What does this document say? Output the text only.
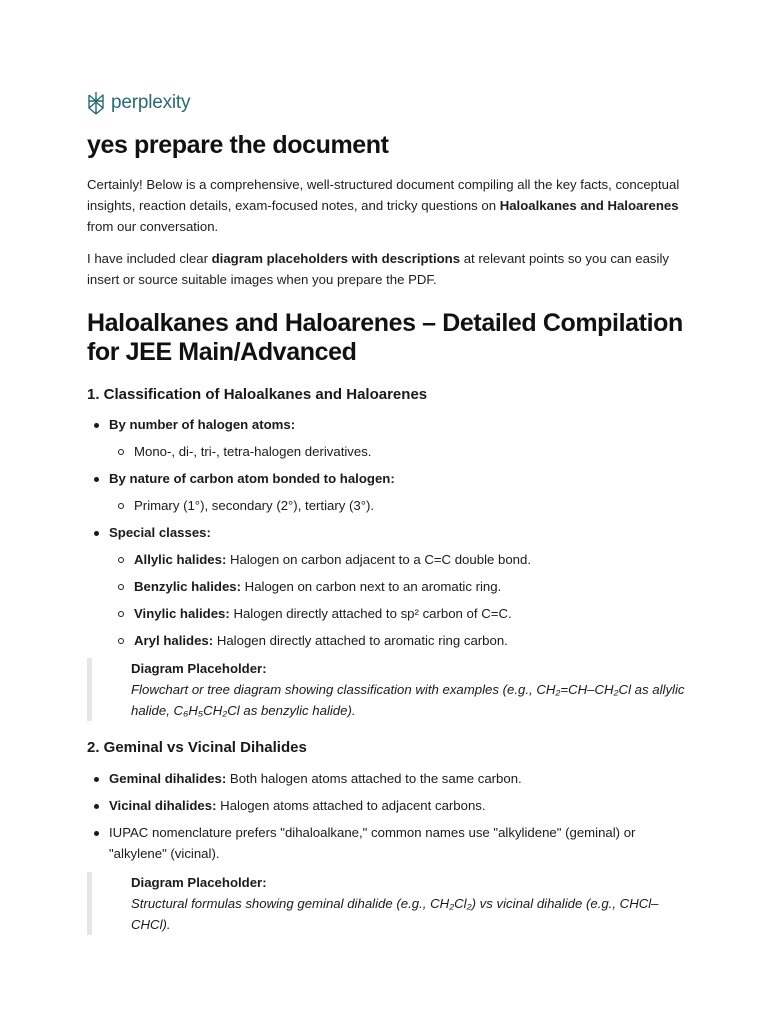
perplexity
yes prepare the document

Certainly! Below is a comprehensive, well-structured document compiling all the key facts, conceptual insights, reaction details, exam-focused notes, and tricky questions on Haloalkanes and Haloarenes from our conversation.

I have included clear diagram placeholders with descriptions at relevant points so you can easily insert or source suitable images when you prepare the PDF.

Haloalkanes and Haloarenes – Detailed Compilation for JEE Main/Advanced
1. Classification of Haloalkanes and Haloarenes
By number of halogen atoms:
Mono-, di-, tri-, tetra-halogen derivatives.
By nature of carbon atom bonded to halogen:
Primary (1°), secondary (2°), tertiary (3°).
Special classes:
Allylic halides: Halogen on carbon adjacent to a C=C double bond.
Benzylic halides: Halogen on carbon next to an aromatic ring.
Vinylic halides: Halogen directly attached to sp² carbon of C=C.
Aryl halides: Halogen directly attached to aromatic ring carbon.
Diagram Placeholder:
Flowchart or tree diagram showing classification with examples (e.g., CH₂=CH–CH₂Cl as allylic halide, C₆H₅CH₂Cl as benzylic halide).
2. Geminal vs Vicinal Dihalides
Geminal dihalides: Both halogen atoms attached to the same carbon.
Vicinal dihalides: Halogen atoms attached to adjacent carbons.
IUPAC nomenclature prefers "dihaloalkane," common names use "alkylidene" (geminal) or "alkylene" (vicinal).
Diagram Placeholder:
Structural formulas showing geminal dihalide (e.g., CH₂Cl₂) vs vicinal dihalide (e.g., CHCl–CHCl).
